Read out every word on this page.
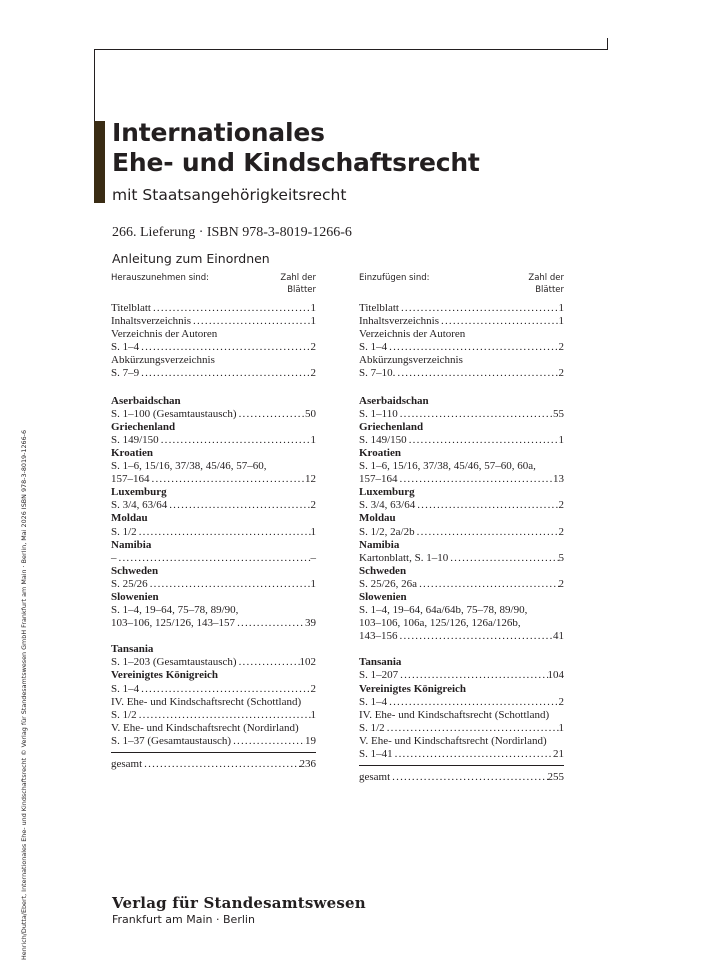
Internationales
Ehe- und Kindschaftsrecht
mit Staatsangehörigkeitsrecht
266. Lieferung · ISBN 978-3-8019-1266-6
Anleitung zum Einordnen
Henrich/Dutta/Ebert, Internationales Ehe- und Kindschaftsrecht © Verlag für Standesamtswesen GmbH Frankfurt am Main · Berlin, Mai 2026 ISBN 978-3-8019-1266-6
Herauszunehmen sind:	Zahl der
Blätter
Titelblatt .....	1
Inhaltsverzeichnis .....	1
Verzeichnis der Autoren
S. 1–4 .....	2
Abkürzungsverzeichnis
S. 7–9 .....	2
Aserbaidschan
S. 1–100 (Gesamtaustausch) .....	50
Griechenland
S. 149/150 .....	1
Kroatien
S. 1–6, 15/16, 37/38, 45/46, 57–60,
157–164 .....	12
Luxemburg
S. 3/4, 63/64 .....	2
Moldau
S. 1/2 .....	1
Namibia
– .....	–
Schweden
S. 25/26 .....	1
Slowenien
S. 1–4, 19–64, 75–78, 89/90,
103–106, 125/126, 143–157 .....	39
Tansania
S. 1–203 (Gesamtaustausch) .....	102
Vereinigtes Königreich
S. 1–4 .....	2
IV. Ehe- und Kindschaftsrecht (Schottland)
S. 1/2 .....	1
V. Ehe- und Kindschaftsrecht (Nordirland)
S. 1–37 (Gesamtaustausch) .....	19
gesamt .....	236
Einzufügen sind:	Zahl der
Blätter
Titelblatt .....	1
Inhaltsverzeichnis .....	1
Verzeichnis der Autoren
S. 1–4 .....	2
Abkürzungsverzeichnis
S. 7–10. .....	2
Aserbaidschan
S. 1–110 .....	55
Griechenland
S. 149/150 .....	1
Kroatien
S. 1–6, 15/16, 37/38, 45/46, 57–60, 60a,
157–164 .....	13
Luxemburg
S. 3/4, 63/64 .....	2
Moldau
S. 1/2, 2a/2b .....	2
Namibia
Kartonblatt, S. 1–10 .....	5
Schweden
S. 25/26, 26a .....	2
Slowenien
S. 1–4, 19–64, 64a/64b, 75–78, 89/90,
103–106, 106a, 125/126, 126a/126b,
143–156 .....	41
Tansania
S. 1–207 .....	104
Vereinigtes Königreich
S. 1–4 .....	2
IV. Ehe- und Kindschaftsrecht (Schottland)
S. 1/2 .....	1
V. Ehe- und Kindschaftsrecht (Nordirland)
S. 1–41 .....	21
gesamt .....	255
Verlag für Standesamtswesen
Frankfurt am Main · Berlin
